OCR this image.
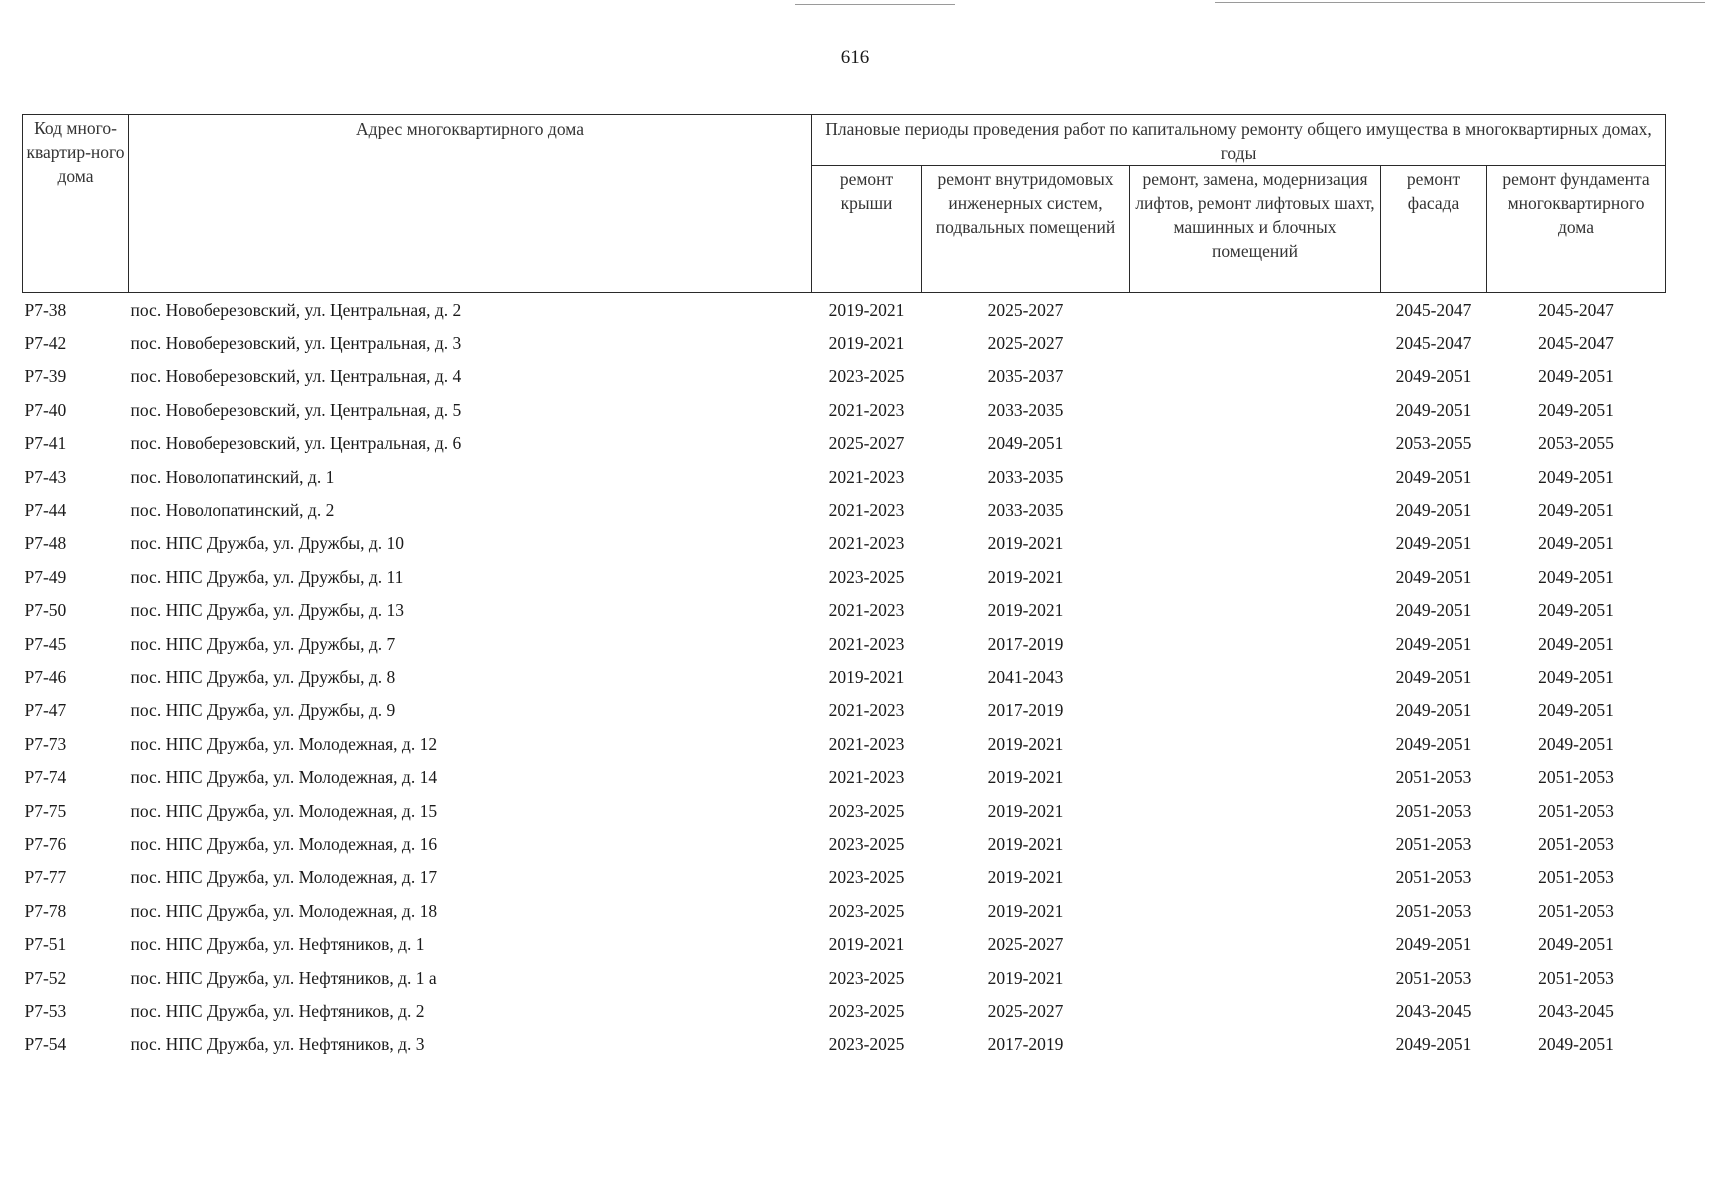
616
Код много-квартир-ного дома	Адрес многоквартирного дома	Плановые периоды проведения работ по капитальному ремонту общего имущества в многоквартирных домах, годы				
		ремонт крыши	ремонт внутридомовых инженерных систем, подвальных помещений	ремонт, замена, модернизация лифтов, ремонт лифтовых шахт, машинных и блочных помещений	ремонт фасада	ремонт фундамента многоквартирного дома
Р7-38	пос. Новоберезовский, ул. Центральная, д. 2	2019-2021	2025-2027		2045-2047	2045-2047
Р7-42	пос. Новоберезовский, ул. Центральная, д. 3	2019-2021	2025-2027		2045-2047	2045-2047
Р7-39	пос. Новоберезовский, ул. Центральная, д. 4	2023-2025	2035-2037		2049-2051	2049-2051
Р7-40	пос. Новоберезовский, ул. Центральная, д. 5	2021-2023	2033-2035		2049-2051	2049-2051
Р7-41	пос. Новоберезовский, ул. Центральная, д. 6	2025-2027	2049-2051		2053-2055	2053-2055
Р7-43	пос. Новолопатинский, д. 1	2021-2023	2033-2035		2049-2051	2049-2051
Р7-44	пос. Новолопатинский, д. 2	2021-2023	2033-2035		2049-2051	2049-2051
Р7-48	пос. НПС Дружба, ул. Дружбы, д. 10	2021-2023	2019-2021		2049-2051	2049-2051
Р7-49	пос. НПС Дружба, ул. Дружбы, д. 11	2023-2025	2019-2021		2049-2051	2049-2051
Р7-50	пос. НПС Дружба, ул. Дружбы, д. 13	2021-2023	2019-2021		2049-2051	2049-2051
Р7-45	пос. НПС Дружба, ул. Дружбы, д. 7	2021-2023	2017-2019		2049-2051	2049-2051
Р7-46	пос. НПС Дружба, ул. Дружбы, д. 8	2019-2021	2041-2043		2049-2051	2049-2051
Р7-47	пос. НПС Дружба, ул. Дружбы, д. 9	2021-2023	2017-2019		2049-2051	2049-2051
Р7-73	пос. НПС Дружба, ул. Молодежная, д. 12	2021-2023	2019-2021		2049-2051	2049-2051
Р7-74	пос. НПС Дружба, ул. Молодежная, д. 14	2021-2023	2019-2021		2051-2053	2051-2053
Р7-75	пос. НПС Дружба, ул. Молодежная, д. 15	2023-2025	2019-2021		2051-2053	2051-2053
Р7-76	пос. НПС Дружба, ул. Молодежная, д. 16	2023-2025	2019-2021		2051-2053	2051-2053
Р7-77	пос. НПС Дружба, ул. Молодежная, д. 17	2023-2025	2019-2021		2051-2053	2051-2053
Р7-78	пос. НПС Дружба, ул. Молодежная, д. 18	2023-2025	2019-2021		2051-2053	2051-2053
Р7-51	пос. НПС Дружба, ул. Нефтяников, д. 1	2019-2021	2025-2027		2049-2051	2049-2051
Р7-52	пос. НПС Дружба, ул. Нефтяников, д. 1 а	2023-2025	2019-2021		2051-2053	2051-2053
Р7-53	пос. НПС Дружба, ул. Нефтяников, д. 2	2023-2025	2025-2027		2043-2045	2043-2045
Р7-54	пос. НПС Дружба, ул. Нефтяников, д. 3	2023-2025	2017-2019		2049-2051	2049-2051
